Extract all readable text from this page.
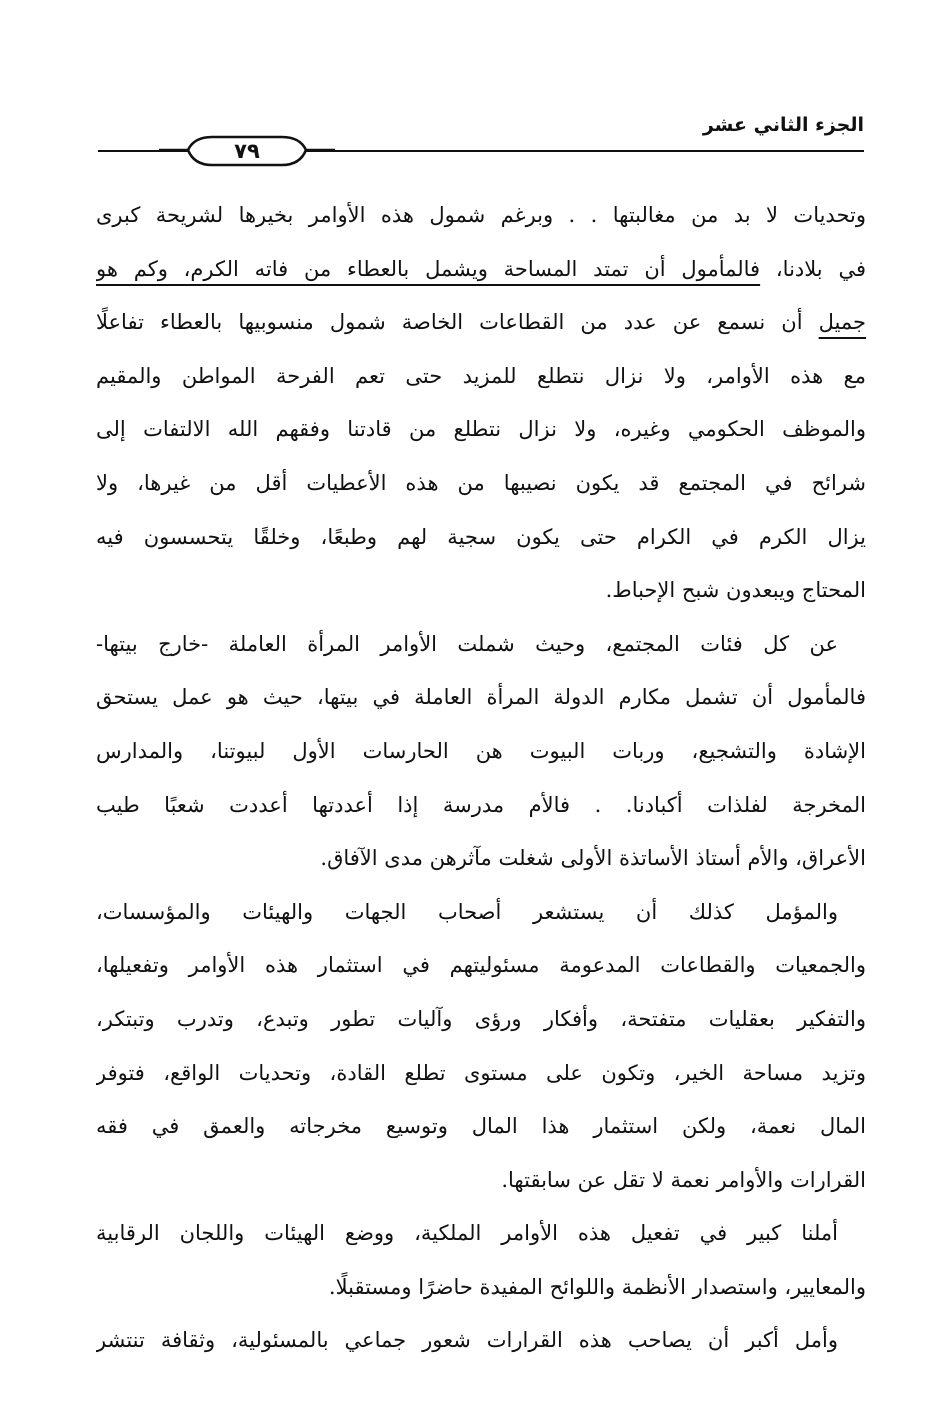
الجزء الثاني عشر
٧٩
وتحديات لا بد من مغالبتها . . وبرغم شمول هذه الأوامر بخيرها لشريحة كبرى
في بلادنا، فالمأمول أن تمتد المساحة ويشمل بالعطاء من فاته الكرم، وكم هو
جميل أن نسمع عن عدد من القطاعات الخاصة شمول منسوبيها بالعطاء تفاعلًا
مع هذه الأوامر، ولا نزال نتطلع للمزيد حتى تعم الفرحة المواطن والمقيم
والموظف الحكومي وغيره، ولا نزال نتطلع من قادتنا وفقهم الله الالتفات إلى
شرائح في المجتمع قد يكون نصيبها من هذه الأعطيات أقل من غيرها، ولا
يزال الكرم في الكرام حتى يكون سجية لهم وطبعًا، وخلقًا يتحسسون فيه
المحتاج ويبعدون شبح الإحباط.
عن كل فئات المجتمع، وحيث شملت الأوامر المرأة العاملة -خارج بيتها-
فالمأمول أن تشمل مكارم الدولة المرأة العاملة في بيتها، حيث هو عمل يستحق
الإشادة والتشجيع، وربات البيوت هن الحارسات الأول لبيوتنا، والمدارس
المخرجة لفلذات أكبادنا. . فالأم مدرسة إذا أعددتها أعددت شعبًا طيب
الأعراق، والأم أستاذ الأساتذة الأولى شغلت مآثرهن مدى الآفاق.
والمؤمل كذلك أن يستشعر أصحاب الجهات والهيئات والمؤسسات،
والجمعيات والقطاعات المدعومة مسئوليتهم في استثمار هذه الأوامر وتفعيلها،
والتفكير بعقليات متفتحة، وأفكار ورؤى وآليات تطور وتبدع، وتدرب وتبتكر،
وتزيد مساحة الخير، وتكون على مستوى تطلع القادة، وتحديات الواقع، فتوفر
المال نعمة، ولكن استثمار هذا المال وتوسيع مخرجاته والعمق في فقه
القرارات والأوامر نعمة لا تقل عن سابقتها.
أملنا كبير في تفعيل هذه الأوامر الملكية، ووضع الهيئات واللجان الرقابية
والمعايير، واستصدار الأنظمة واللوائح المفيدة حاضرًا ومستقبلًا.
وأمل أكبر أن يصاحب هذه القرارات شعور جماعي بالمسئولية، وثقافة تنتشر
